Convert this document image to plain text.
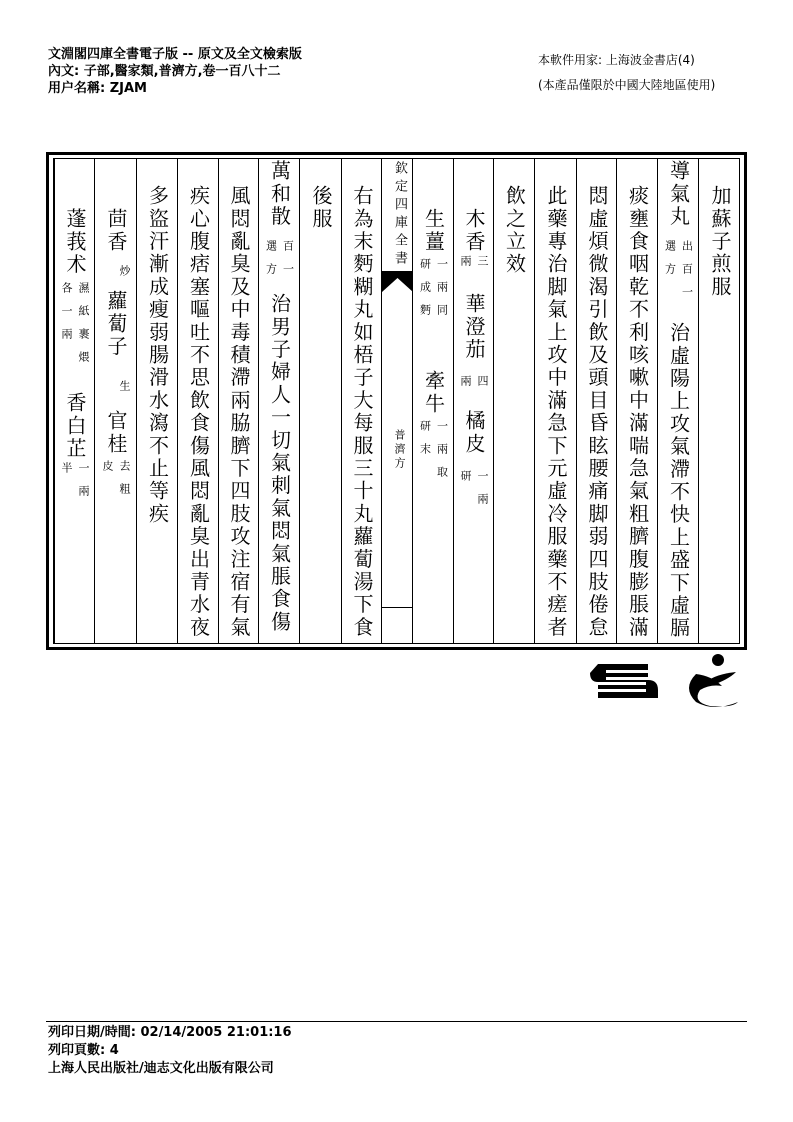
文淵閣四庫全書電子版 -- 原文及全文檢索版
內文: 子部,醫家類,普濟方,卷一百八十二
用户名稱: ZJAM
本軟件用家: 上海波金書店(4)
(本產品僅限於中國大陸地區使用)
加蘇子煎服
導氣丸
出百一
選方
治虛陽上攻氣滯不快上盛下虛膈
痰壅食咽乾不利咳嗽中滿喘急氣粗臍腹膨脹滿
悶虛煩微渴引飲及頭目昏眩腰痛脚弱四肢倦怠
此藥專治脚氣上攻中滿急下元虛冷服藥不瘥者
飲之立效
木香
三
兩
華澄茄
四
兩
橘皮
一兩
研
生薑
一兩同
研成麪
牽牛
一兩取
研末
欽定四庫全書
普濟方
右為末麪糊丸如梧子大每服三十丸蘿蔔湯下食
後服
萬和散
百一
選方
治男子婦人一切氣刺氣悶氣脹食傷
風悶亂臭及中毒積滯兩脇臍下四肢攻注宿有氣
疾心腹痞塞嘔吐不思飲食傷風悶亂臭出青水夜
多盜汗漸成瘦弱腸滑水瀉不止等疾
茴香
炒
蘿蔔子
生
官桂
去粗
皮
蓬莪术
濕紙裹煨
各一兩
香白芷
一兩
半
列印日期/時間: 02/14/2005 21:01:16
列印頁數: 4
上海人民出版社/迪志文化出版有限公司
